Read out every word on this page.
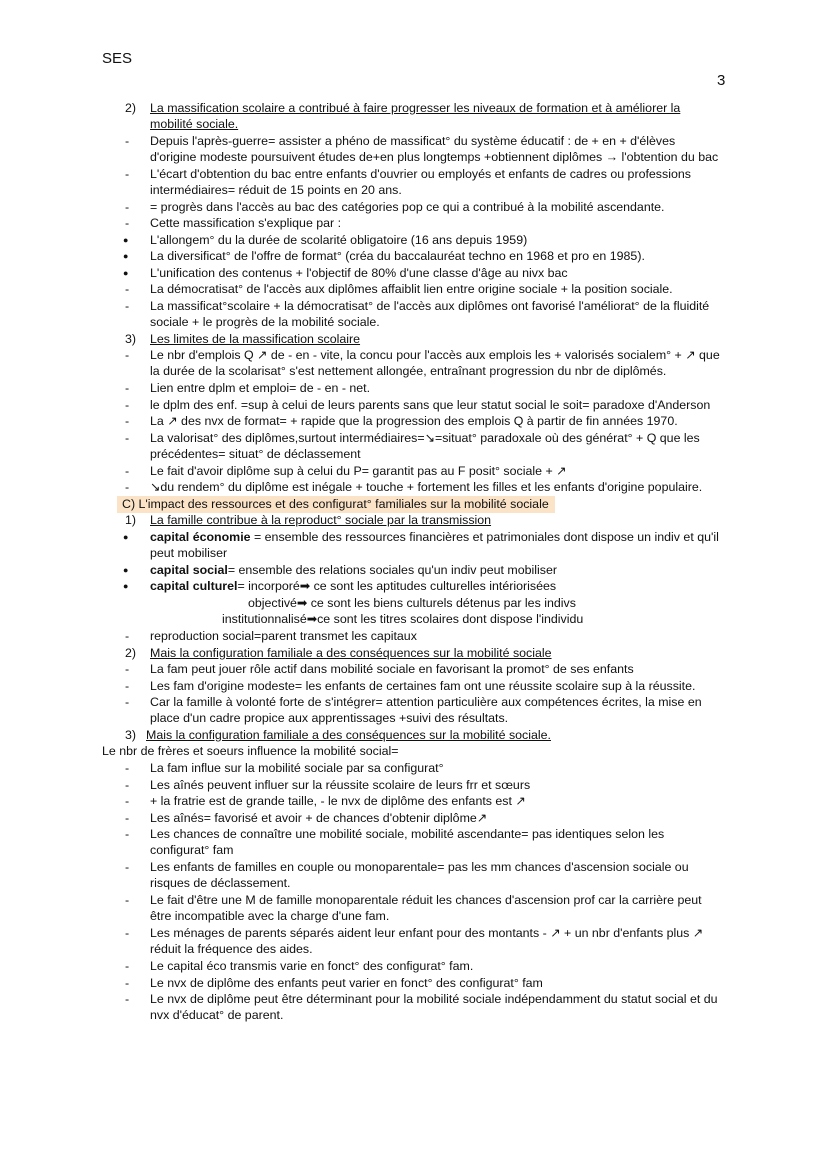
SES
3
2) La massification scolaire a contribué à faire progresser les niveaux de formation et à améliorer la
mobilité sociale.
- Depuis l'après-guerre= assister a phéno de massificat° du système éducatif : de + en + d'élèves
d'origine modeste poursuivent études de+en plus longtemps +obtiennent diplômes → l'obtention du bac
- L'écart d'obtention du bac entre enfants d'ouvrier ou employés et enfants de cadres ou professions
intermédiaires= réduit de 15 points en 20 ans.
- = progrès dans l'accès au bac des catégories pop ce qui a contribué à la mobilité ascendante.
- Cette massification s'explique par :
● L'allongem° du la durée de scolarité obligatoire (16 ans depuis 1959)
● La diversificat° de l'offre de format° (créa du baccalauréat techno en 1968 et pro en 1985).
● L'unification des contenus + l'objectif de 80% d'une classe d'âge au nivx bac
- La démocratisat° de l'accès aux diplômes affaiblit lien entre origine sociale + la position sociale.
- La massificat°scolaire + la démocratisat° de l'accès aux diplômes ont favorisé l'améliorat° de la fluidité
sociale + le progrès de la mobilité sociale.
3) Les limites de la massification scolaire
- Le nbr d'emplois Q ↗ de - en - vite, la concu pour l'accès aux emplois les + valorisés socialem° + ↗ que
la durée de la scolarisat° s'est nettement allongée, entraînant progression du nbr de diplômés.
- Lien entre dplm et emploi= de - en - net.
- le dplm des enf. =sup à celui de leurs parents sans que leur statut social le soit= paradoxe d'Anderson
- La ↗ des nvx de format= + rapide que la progression des emplois Q à partir de fin années 1970.
- La valorisat° des diplômes,surtout intermédiaires=↘=situat° paradoxale où des générat° + Q que les
précédentes= situat° de déclassement
- Le fait d'avoir diplôme sup à celui du P= garantit pas au F posit° sociale + ↗
- ↘du rendem° du diplôme est inégale + touche + fortement les filles et les enfants d'origine populaire.
C) L'impact des ressources et des configurat° familiales sur la mobilité sociale
1) La famille contribue à la reproduct° sociale par la transmission
● capital économie = ensemble des ressources financières et patrimoniales dont dispose un indiv et qu'il
peut mobiliser
● capital social= ensemble des relations sociales qu'un indiv peut mobiliser
● capital culturel= incorporé➡ ce sont les aptitudes culturelles intériorisées
objectivé➡ ce sont les biens culturels détenus par les indivs
institutionnalisé➡ce sont les titres scolaires dont dispose l'individu
- reproduction social=parent transmet les capitaux
2) Mais la configuration familiale a des conséquences sur la mobilité sociale
- La fam peut jouer rôle actif dans mobilité sociale en favorisant la promot° de ses enfants
- Les fam d'origine modeste= les enfants de certaines fam ont une réussite scolaire sup à la réussite.
- Car la famille à volonté forte de s'intégrer= attention particulière aux compétences écrites, la mise en
place d'un cadre propice aux apprentissages +suivi des résultats.
3) Mais la configuration familiale a des conséquences sur la mobilité sociale.
Le nbr de frères et soeurs influence la mobilité social=
- La fam influe sur la mobilité sociale par sa configurat°
- Les aînés peuvent influer sur la réussite scolaire de leurs frr et sœurs
- + la fratrie est de grande taille, - le nvx de diplôme des enfants est ↗
- Les aînés= favorisé et avoir + de chances d'obtenir diplôme↗
- Les chances de connaître une mobilité sociale, mobilité ascendante= pas identiques selon les
configurat° fam
- Les enfants de familles en couple ou monoparentale= pas les mm chances d'ascension sociale ou
risques de déclassement.
- Le fait d'être une M de famille monoparentale réduit les chances d'ascension prof car la carrière peut
être incompatible avec la charge d'une fam.
- Les ménages de parents séparés aident leur enfant pour des montants - ↗ + un nbr d'enfants plus ↗
réduit la fréquence des aides.
- Le capital éco transmis varie en fonct° des configurat° fam.
- Le nvx de diplôme des enfants peut varier en fonct° des configurat° fam
- Le nvx de diplôme peut être déterminant pour la mobilité sociale indépendamment du statut social et du
nvx d'éducat° de parent.
